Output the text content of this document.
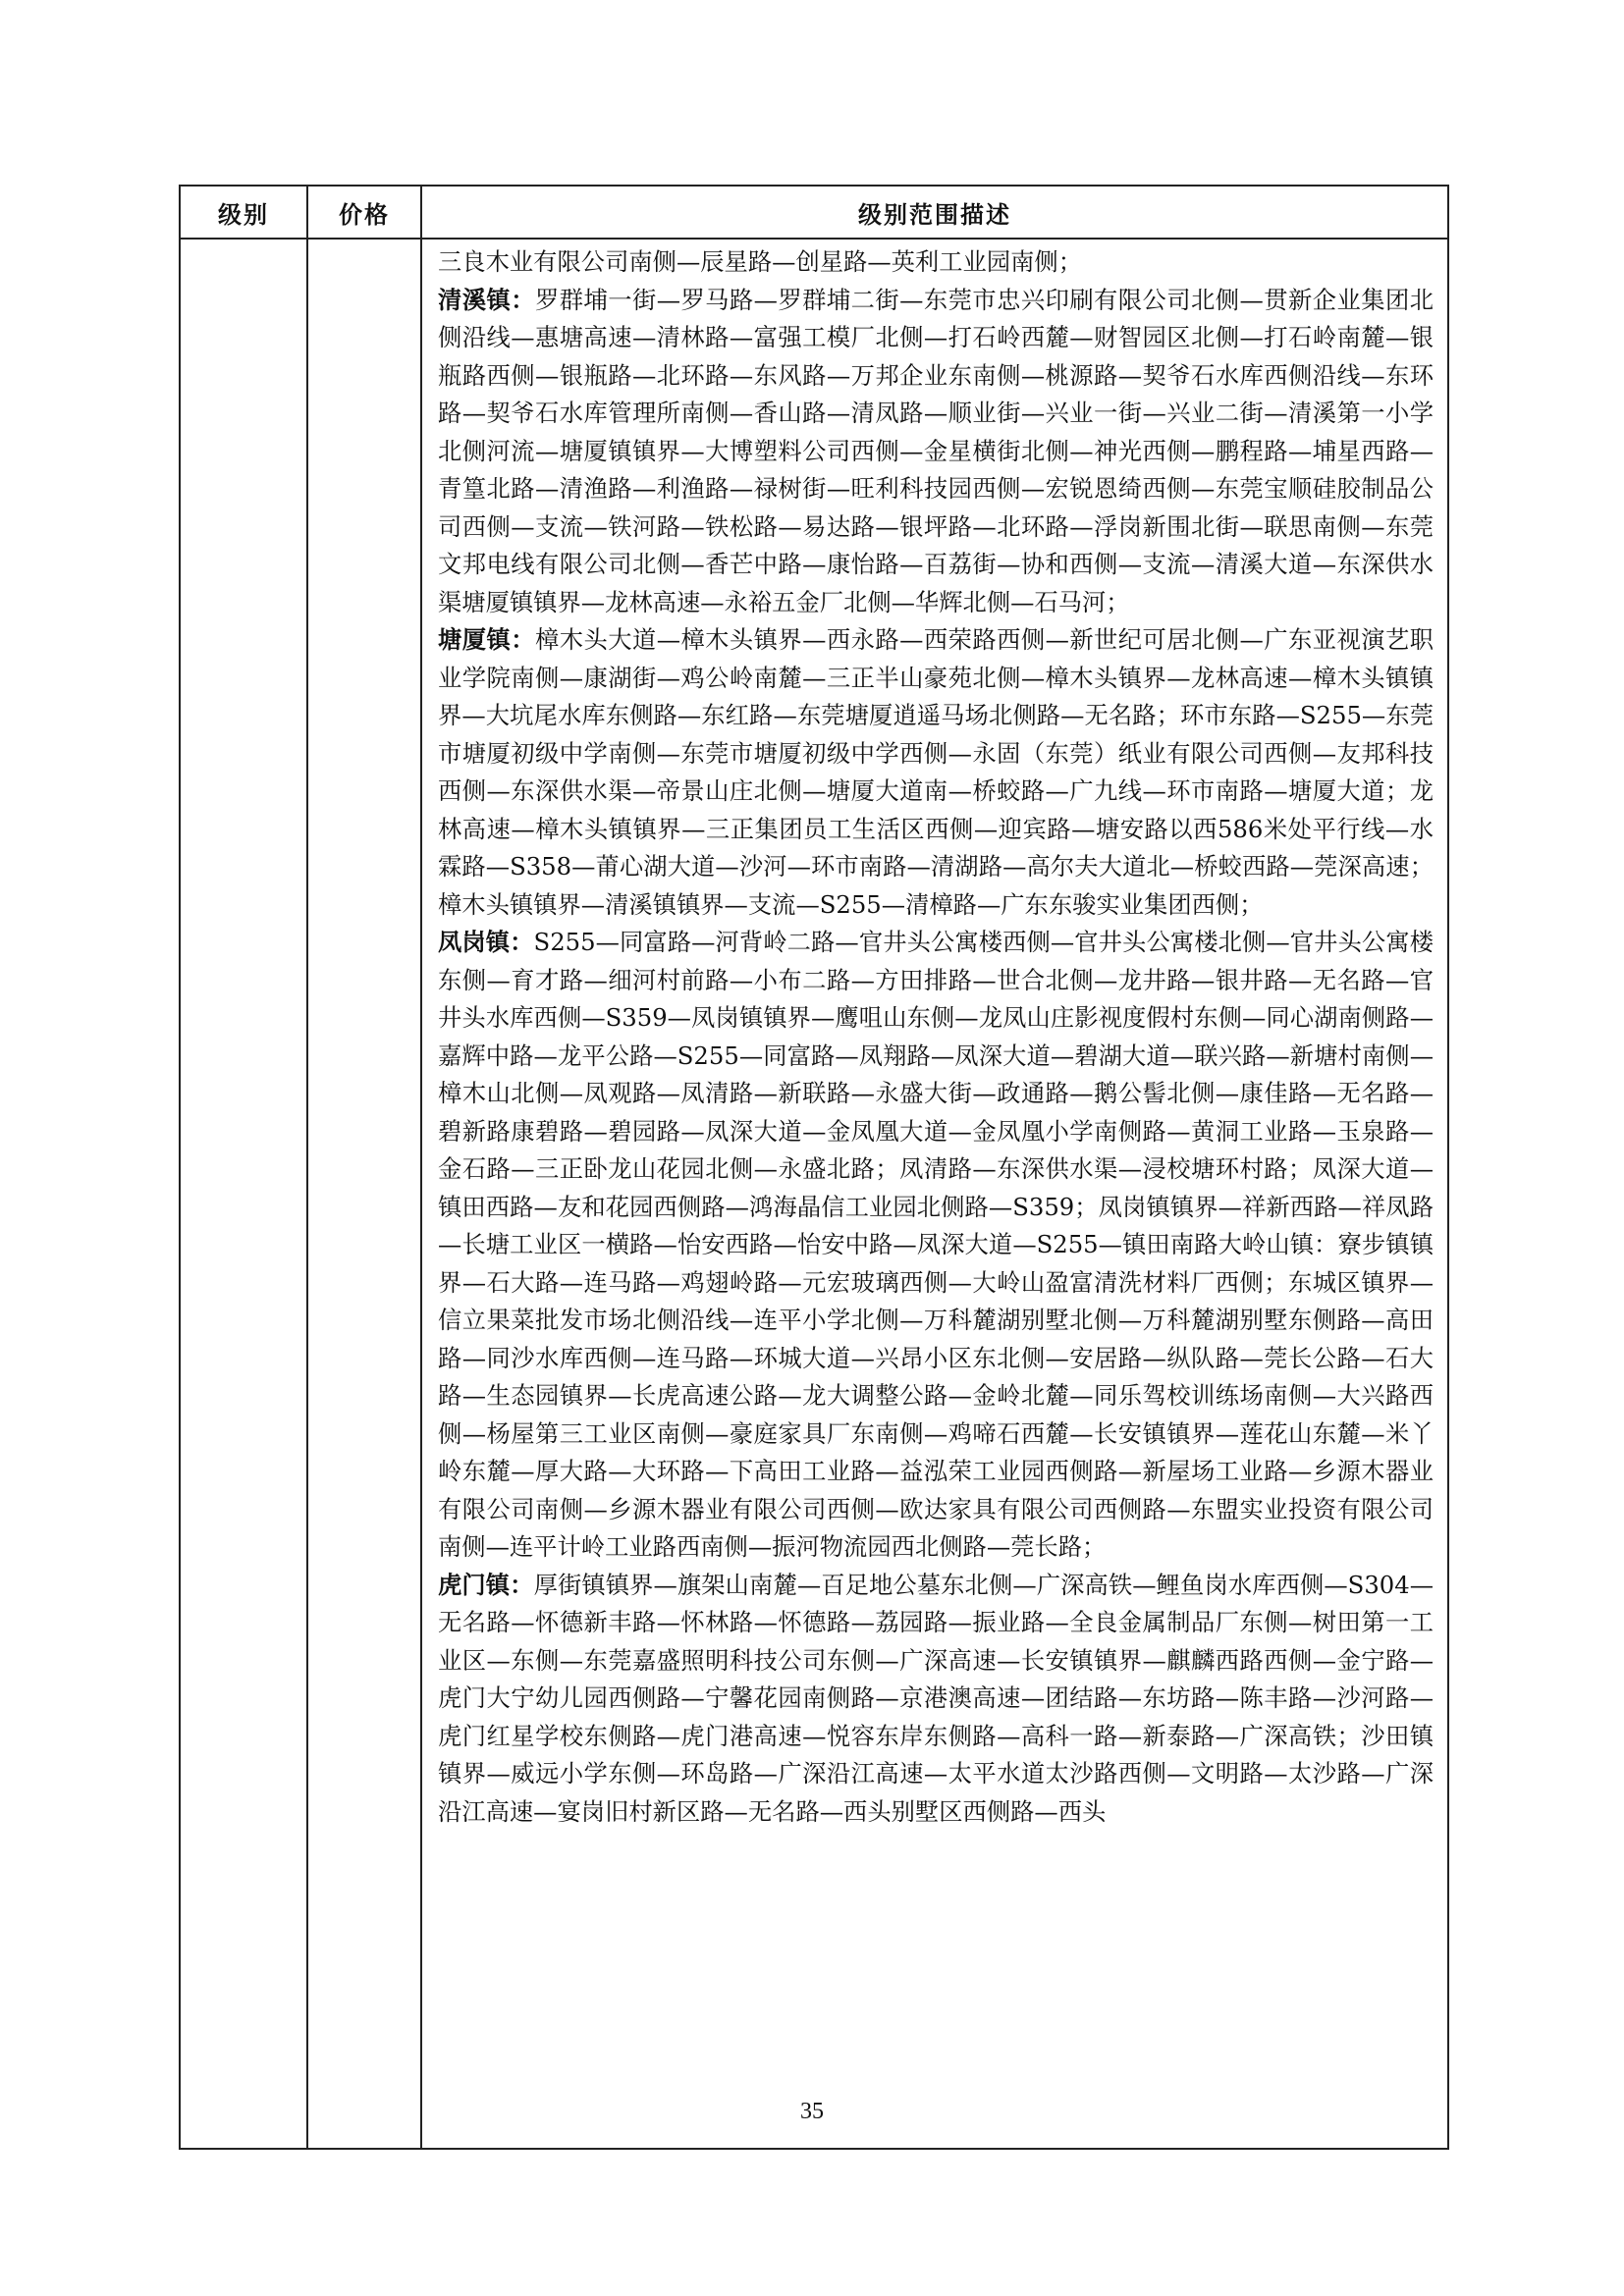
级别	价格	级别范围描述

		三良木业有限公司南侧—辰星路—创星路—英利工业园南侧；

清溪镇：罗群埔一街—罗马路—罗群埔二街—东莞市忠兴印刷有限公司北侧—贯新企业集团北侧沿线—惠塘高速—清林路—富强工模厂北侧—打石岭西麓—财智园区北侧—打石岭南麓—银瓶路西侧—银瓶路—北环路—东风路—万邦企业东南侧—桃源路—契爷石水库西侧沿线—东环路—契爷石水库管理所南侧—香山路—清凤路—顺业街—兴业一街—兴业二街—清溪第一小学北侧河流—塘厦镇镇界—大博塑料公司西侧—金星横街北侧—神光西侧—鹏程路—埔星西路—青篁北路—清渔路—利渔路—禄树街—旺利科技园西侧—宏锐恩绮西侧—东莞宝顺硅胶制品公司西侧—支流—铁河路—铁松路—易达路—银坪路—北环路—浮岗新围北街—联思南侧—东莞文邦电线有限公司北侧—香芒中路—康怡路—百荔街—协和西侧—支流—清溪大道—东深供水渠塘厦镇镇界—龙林高速—永裕五金厂北侧—华辉北侧—石马河；

塘厦镇：樟木头大道—樟木头镇界—西永路—西荣路西侧—新世纪可居北侧—广东亚视演艺职业学院南侧—康湖街—鸡公岭南麓—三正半山豪苑北侧—樟木头镇界—龙林高速—樟木头镇镇界—大坑尾水库东侧路—东红路—东莞塘厦逍遥马场北侧路—无名路；环市东路—S255—东莞市塘厦初级中学南侧—东莞市塘厦初级中学西侧—永固（东莞）纸业有限公司西侧—友邦科技西侧—东深供水渠—帝景山庄北侧—塘厦大道南—桥蛟路—广九线—环市南路—塘厦大道；龙林高速—樟木头镇镇界—三正集团员工生活区西侧—迎宾路—塘安路以西586米处平行线—水霖路—S358—莆心湖大道—沙河—环市南路—清湖路—高尔夫大道北—桥蛟西路—莞深高速；樟木头镇镇界—清溪镇镇界—支流—S255—清樟路—广东东骏实业集团西侧；

凤岗镇：S255—同富路—河背岭二路—官井头公寓楼西侧—官井头公寓楼北侧—官井头公寓楼东侧—育才路—细河村前路—小布二路—方田排路—世合北侧—龙井路—银井路—无名路—官井头水库西侧—S359—凤岗镇镇界—鹰咀山东侧—龙凤山庄影视度假村东侧—同心湖南侧路—嘉辉中路—龙平公路—S255—同富路—凤翔路—凤深大道—碧湖大道—联兴路—新塘村南侧—樟木山北侧—凤观路—凤清路—新联路—永盛大街—政通路—鹅公髻北侧—康佳路—无名路—碧新路康碧路—碧园路—凤深大道—金凤凰大道—金凤凰小学南侧路—黄洞工业路—玉泉路—金石路—三正卧龙山花园北侧—永盛北路；凤清路—东深供水渠—浸校塘环村路；凤深大道—镇田西路—友和花园西侧路—鸿海晶信工业园北侧路—S359；凤岗镇镇界—祥新西路—祥凤路—长塘工业区一横路—怡安西路—怡安中路—凤深大道—S255—镇田南路大岭山镇：寮步镇镇界—石大路—连马路—鸡翅岭路—元宏玻璃西侧—大岭山盈富清洗材料厂西侧；东城区镇界—信立果菜批发市场北侧沿线—连平小学北侧—万科麓湖别墅北侧—万科麓湖别墅东侧路—高田路—同沙水库西侧—连马路—环城大道—兴昂小区东北侧—安居路—纵队路—莞长公路—石大路—生态园镇界—长虎高速公路—龙大调整公路—金岭北麓—同乐驾校训练场南侧—大兴路西侧—杨屋第三工业区南侧—豪庭家具厂东南侧—鸡啼石西麓—长安镇镇界—莲花山东麓—米丫岭东麓—厚大路—大环路—下高田工业路—益泓荣工业园西侧路—新屋场工业路—乡源木器业有限公司南侧—乡源木器业有限公司西侧—欧达家具有限公司西侧路—东盟实业投资有限公司南侧—连平计岭工业路西南侧—振河物流园西北侧路—莞长路；

虎门镇：厚街镇镇界—旗架山南麓—百足地公墓东北侧—广深高铁—鲤鱼岗水库西侧—S304—无名路—怀德新丰路—怀林路—怀德路—荔园路—振业路—全良金属制品厂东侧—树田第一工业区—东侧—东莞嘉盛照明科技公司东侧—广深高速—长安镇镇界—麒麟西路西侧—金宁路—虎门大宁幼儿园西侧路—宁馨花园南侧路—京港澳高速—团结路—东坊路—陈丰路—沙河路—虎门红星学校东侧路—虎门港高速—悦容东岸东侧路—高科一路—新泰路—广深高铁；沙田镇镇界—威远小学东侧—环岛路—广深沿江高速—太平水道太沙路西侧—文明路—太沙路—广深沿江高速—宴岗旧村新区路—无名路—西头别墅区西侧路—西头

35
